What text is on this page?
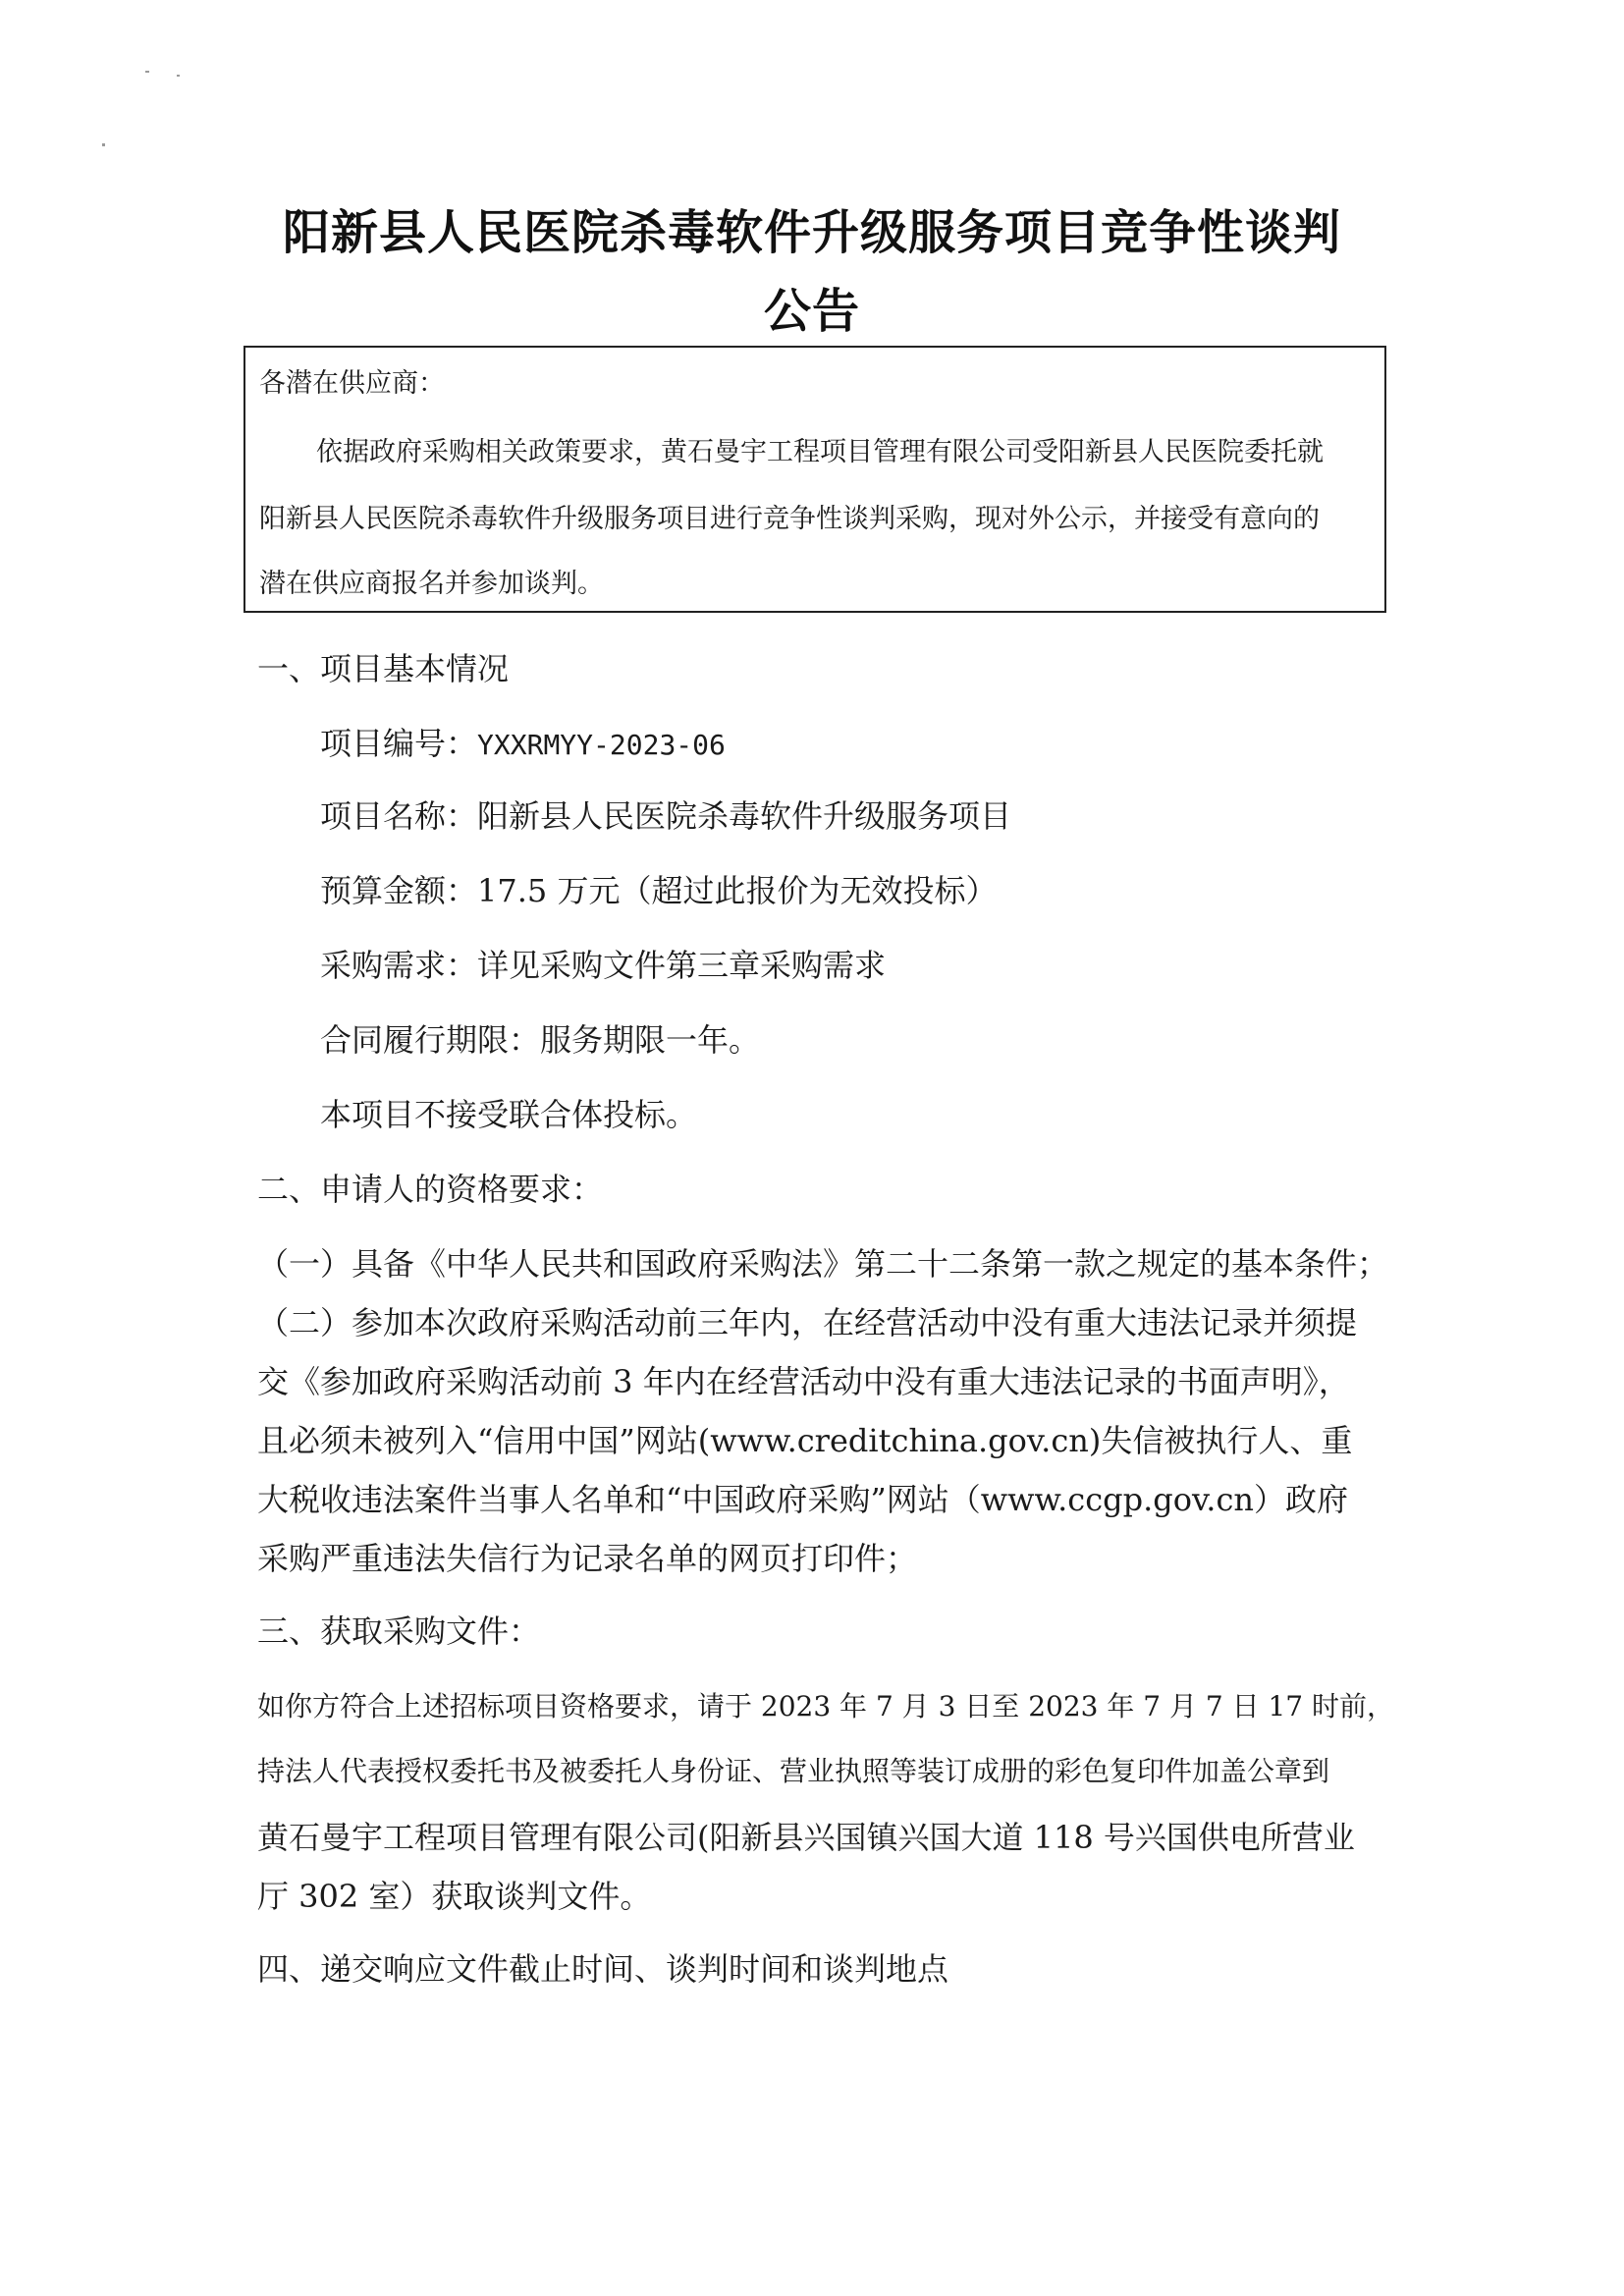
阳新县人民医院杀毒软件升级服务项目竞争性谈判
公告
各潜在供应商：
依据政府采购相关政策要求，黄石曼宇工程项目管理有限公司受阳新县人民医院委托就
阳新县人民医院杀毒软件升级服务项目进行竞争性谈判采购，现对外公示，并接受有意向的
潜在供应商报名并参加谈判。
一、项目基本情况
项目编号：YXXRMYY-2023-06
项目名称：阳新县人民医院杀毒软件升级服务项目
预算金额：17.5 万元（超过此报价为无效投标）
采购需求：详见采购文件第三章采购需求
合同履行期限：服务期限一年。
本项目不接受联合体投标。
二、申请人的资格要求：
（一）具备《中华人民共和国政府采购法》第二十二条第一款之规定的基本条件；
（二）参加本次政府采购活动前三年内，在经营活动中没有重大违法记录并须提
交《参加政府采购活动前 3 年内在经营活动中没有重大违法记录的书面声明》，
且必须未被列入“信用中国”网站(www.creditchina.gov.cn)失信被执行人、重
大税收违法案件当事人名单和“中国政府采购”网站（www.ccgp.gov.cn）政府
采购严重违法失信行为记录名单的网页打印件；
三、获取采购文件：
如你方符合上述招标项目资格要求，请于 2023 年 7 月 3 日至 2023 年 7 月 7 日 17 时前，
持法人代表授权委托书及被委托人身份证、营业执照等装订成册的彩色复印件加盖公章到
黄石曼宇工程项目管理有限公司(阳新县兴国镇兴国大道 118 号兴国供电所营业
厅 302 室）获取谈判文件。
四、递交响应文件截止时间、谈判时间和谈判地点
